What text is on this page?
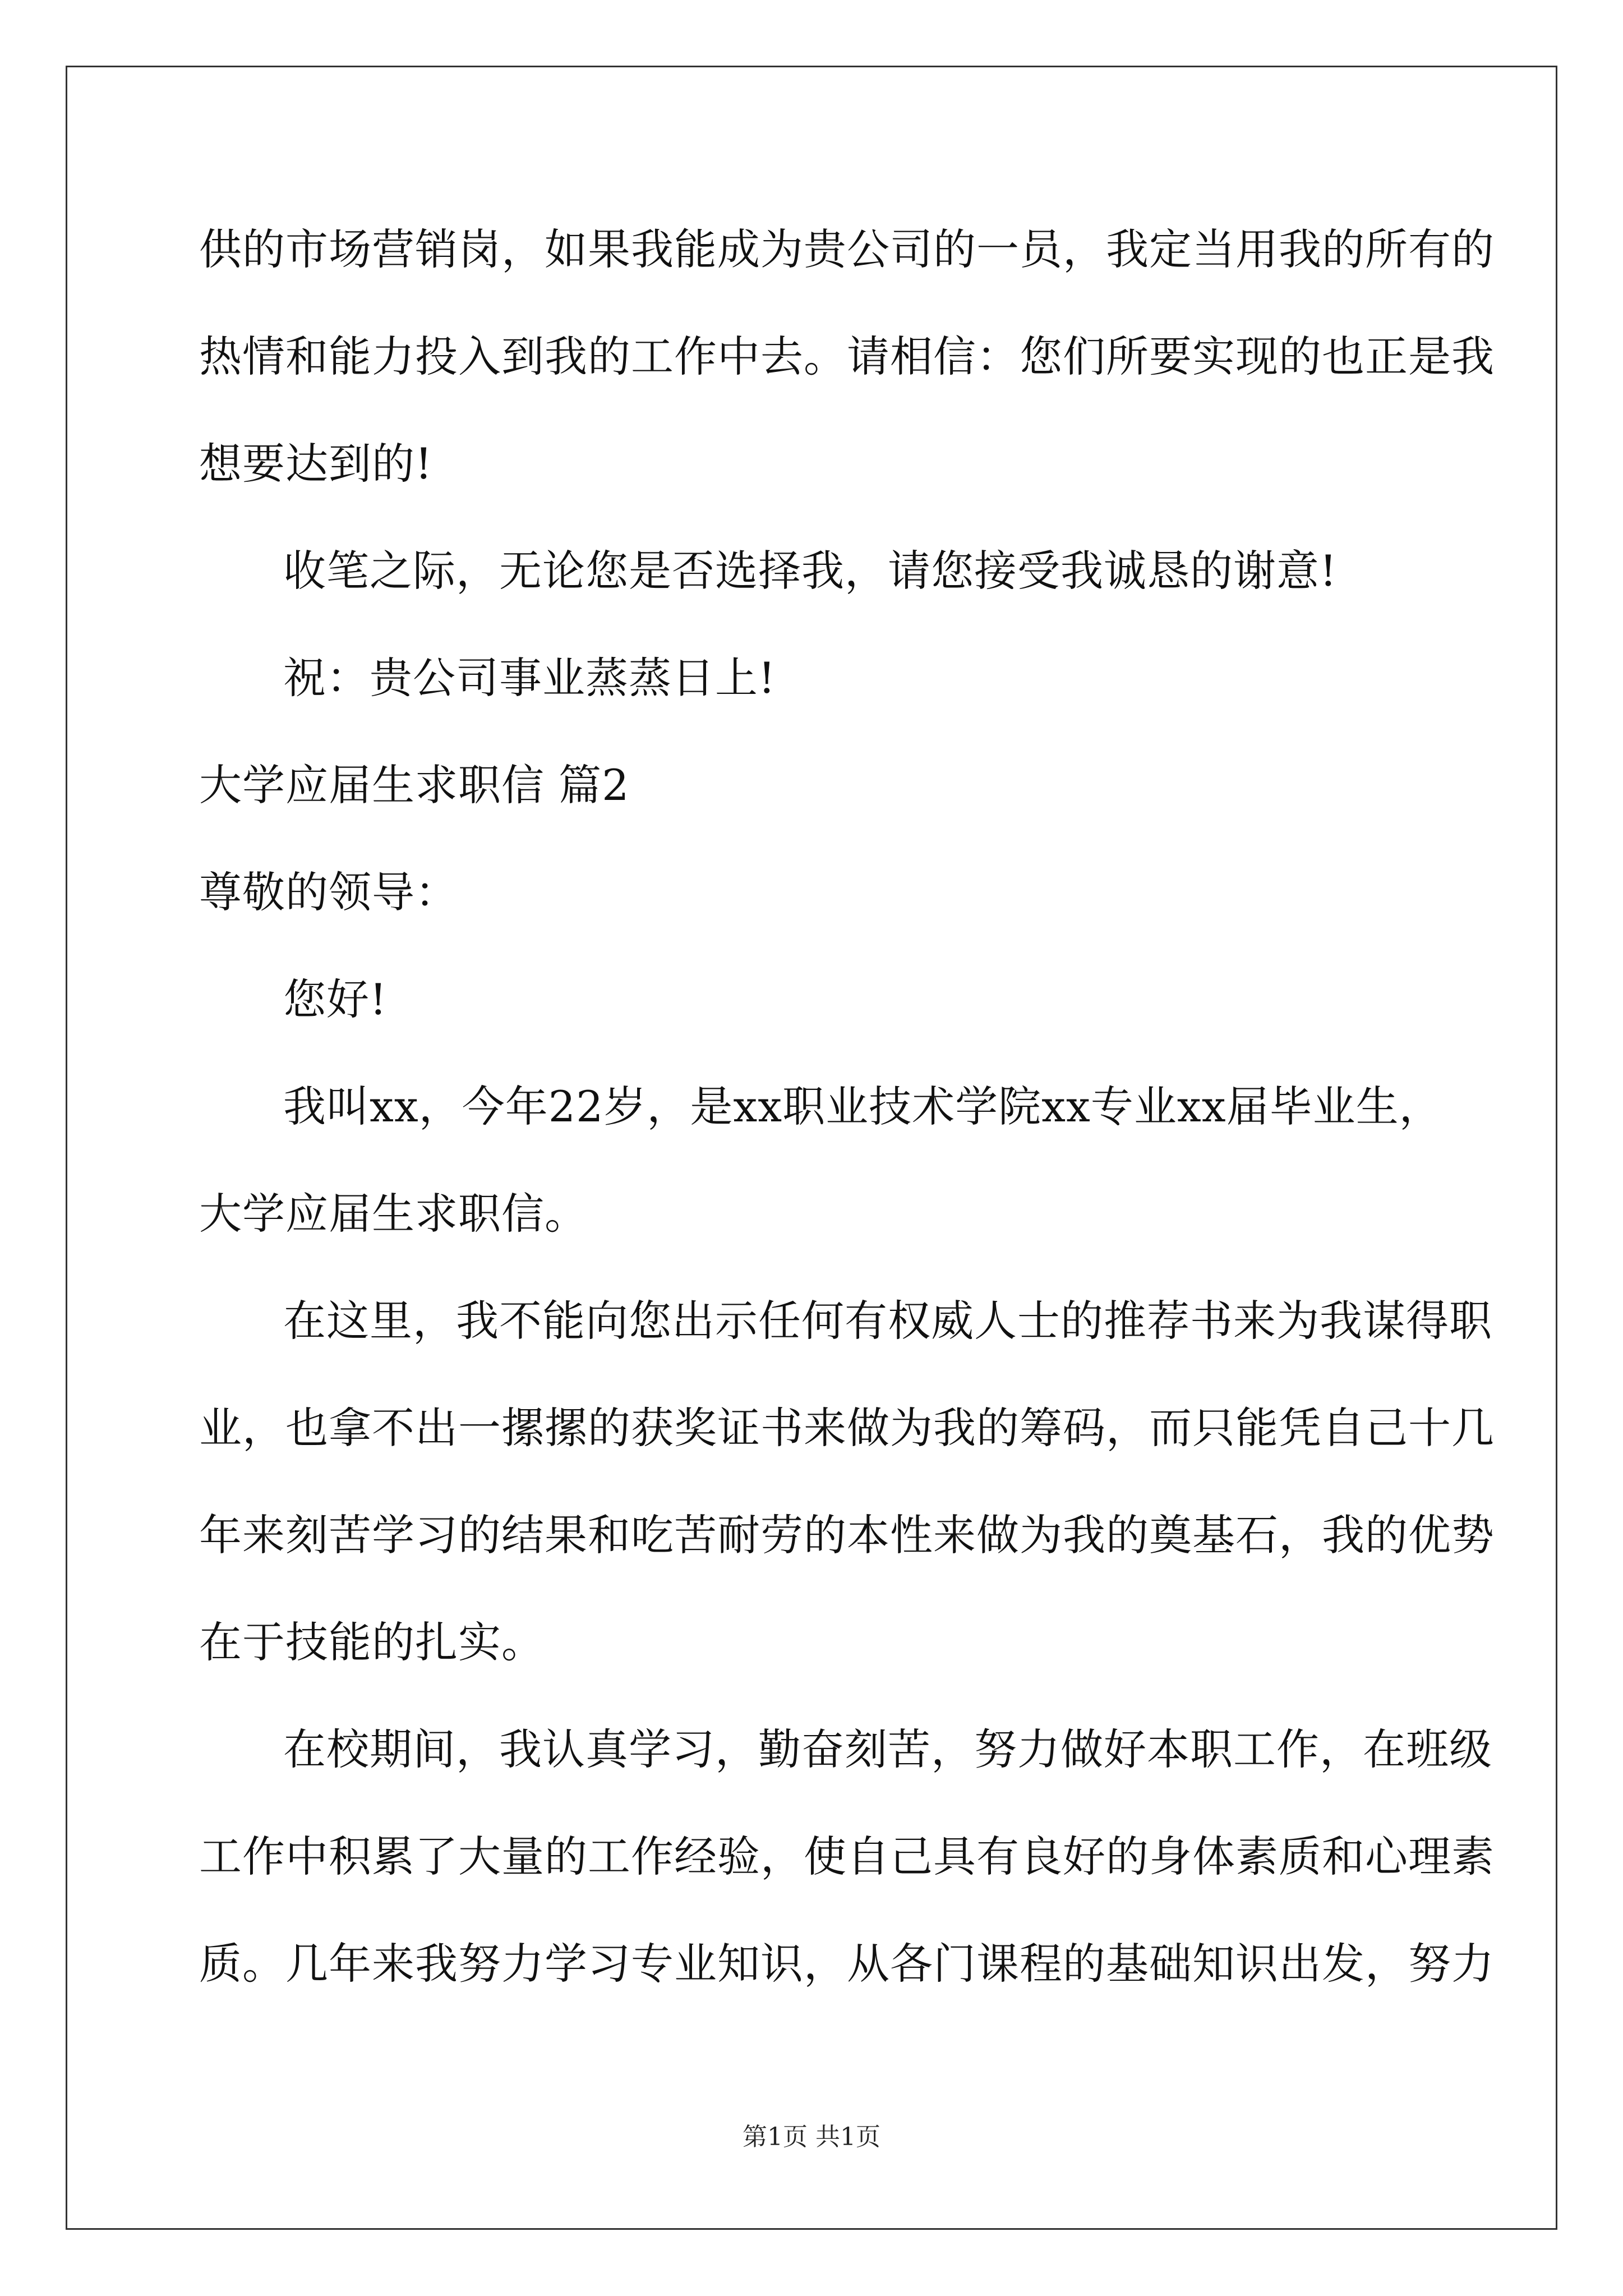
供的市场营销岗，如果我能成为贵公司的一员，我定当用我的所有的
热情和能力投入到我的工作中去。请相信：您们所要实现的也正是我
想要达到的!
收笔之际，无论您是否选择我，请您接受我诚恳的谢意!
祝：贵公司事业蒸蒸日上!
大学应届生求职信 篇2
尊敬的领导：
您好!
我叫xx，今年22岁，是xx职业技术学院xx专业xx届毕业生，
大学应届生求职信。
在这里，我不能向您出示任何有权威人士的推荐书来为我谋得职
业，也拿不出一摞摞的获奖证书来做为我的筹码，而只能凭自己十几
年来刻苦学习的结果和吃苦耐劳的本性来做为我的奠基石，我的优势
在于技能的扎实。
在校期间，我认真学习，勤奋刻苦，努力做好本职工作，在班级
工作中积累了大量的工作经验，使自己具有良好的身体素质和心理素
质。几年来我努力学习专业知识，从各门课程的基础知识出发，努力
第1页 共1页
